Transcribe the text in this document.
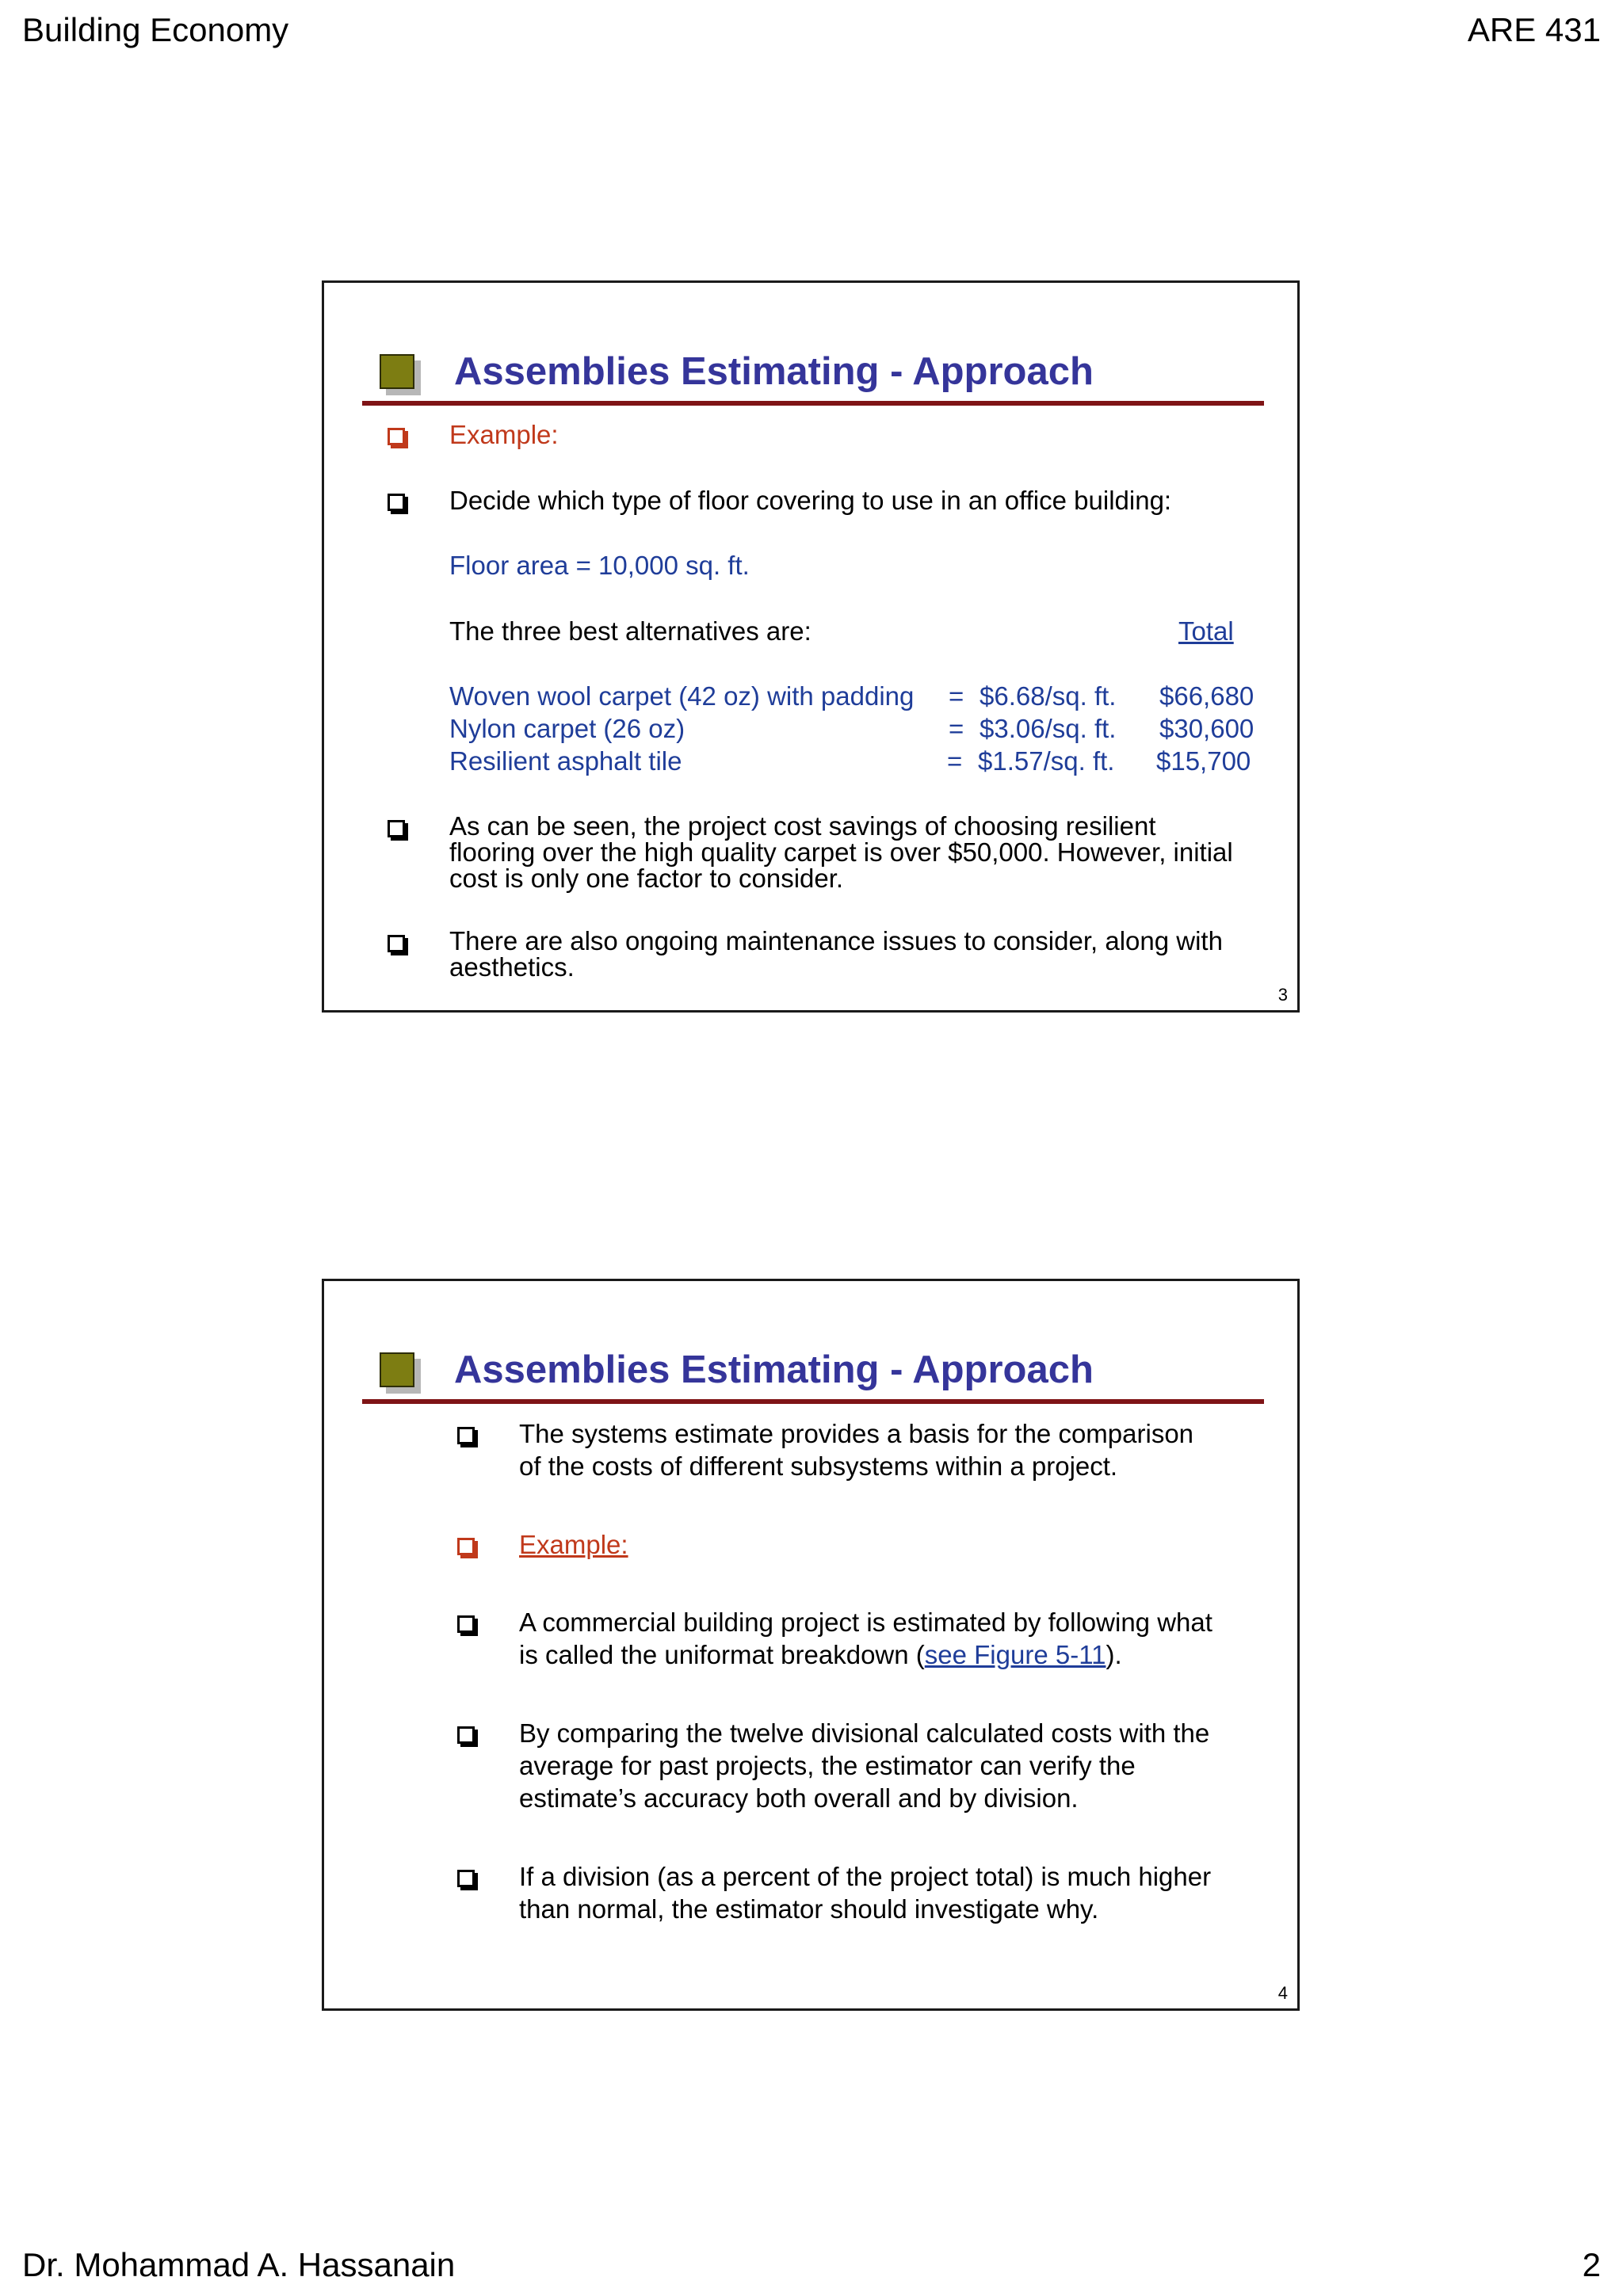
Building Economy	ARE 431
Assemblies Estimating - Approach
Example:
Decide which type of floor covering to use in an office building:
Floor area = 10,000 sq. ft.
The three best alternatives are:	Total
Woven wool carpet (42 oz) with padding = $6.68/sq. ft. $66,680
Nylon carpet (26 oz)	= $3.06/sq. ft. $30,600
Resilient asphalt tile	= $1.57/sq. ft. $15,700
As can be seen, the project cost savings of choosing resilient
flooring over the high quality carpet is over $50,000. However, initial
cost is only one factor to consider.
There are also ongoing maintenance issues to consider, along with
aesthetics.
3
Assemblies Estimating - Approach
The systems estimate provides a basis for the comparison
of the costs of different subsystems within a project.
Example:
A commercial building project is estimated by following what
is called the uniformat breakdown (see Figure 5-11).
By comparing the twelve divisional calculated costs with the
average for past projects, the estimator can verify the
estimate’s accuracy both overall and by division.
If a division (as a percent of the project total) is much higher
than normal, the estimator should investigate why.
4
Dr. Mohammad A. Hassanain	2
